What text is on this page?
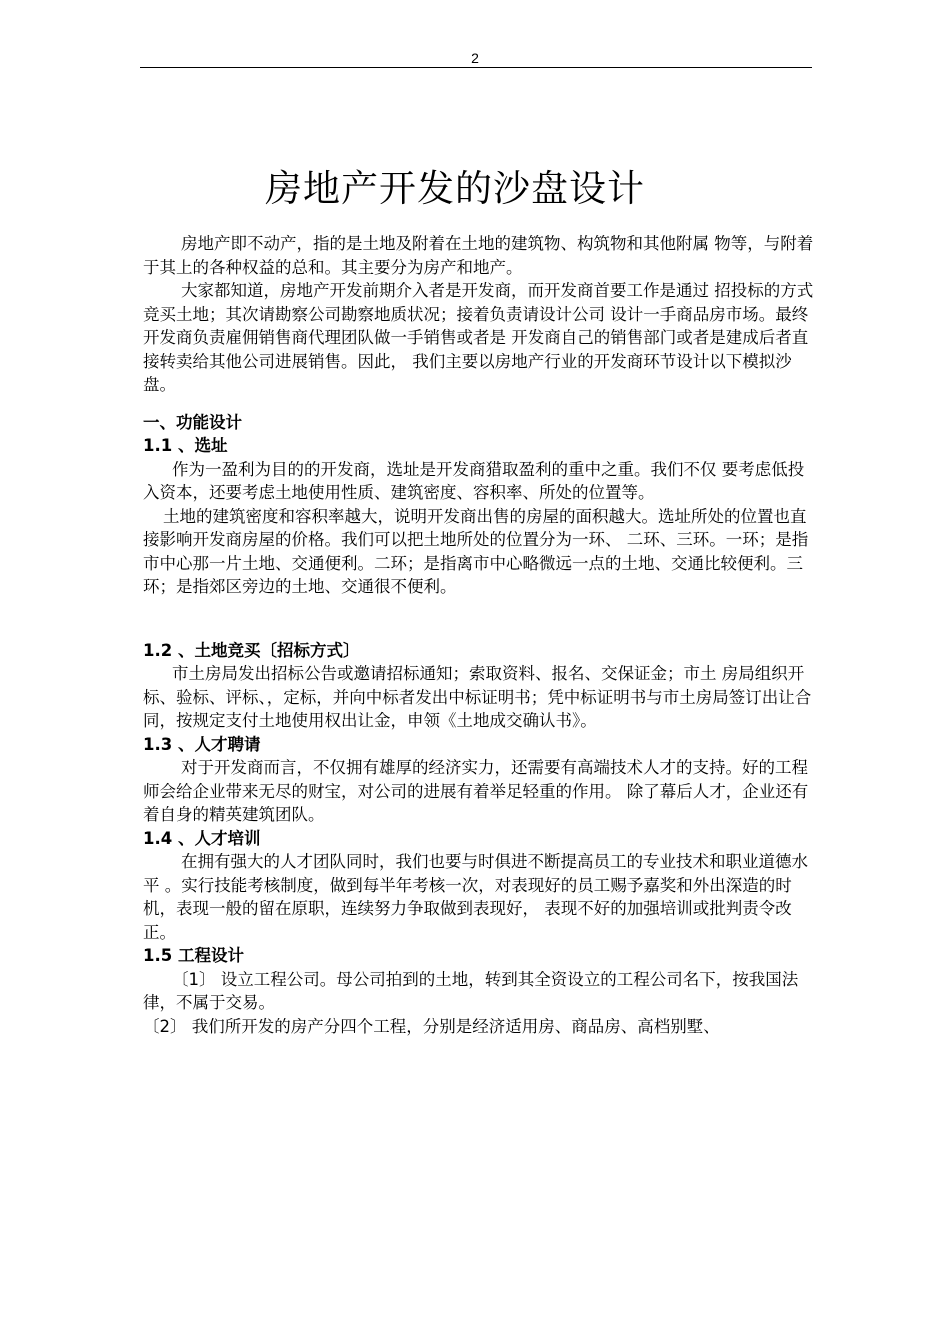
2
房地产开发的沙盘设计

房地产即不动产，指的是土地及附着在土地的建筑物、构筑物和其他附属 物等，与附着于其上的各种权益的总和。其主要分为房产和地产。

大家都知道，房地产开发前期介入者是开发商，而开发商首要工作是通过 招投标的方式竞买土地；其次请勘察公司勘察地质状况；接着负责请设计公司 设计一手商品房市场。最终开发商负责雇佣销售商代理团队做一手销售或者是 开发商自己的销售部门或者是建成后者直接转卖给其他公司进展销售。因此， 我们主要以房地产行业的开发商环节设计以下模拟沙盘。

一、功能设计

1.1 、选址

作为一盈利为目的的开发商，选址是开发商猎取盈利的重中之重。我们不仅 要考虑低投入资本，还要考虑土地使用性质、建筑密度、容积率、所处的位置等。

土地的建筑密度和容积率越大，说明开发商出售的房屋的面积越大。选址所处的位置也直接影响开发商房屋的价格。我们可以把土地所处的位置分为一环、 二环、三环。一环；是指市中心那一片土地、交通便利。二环；是指离市中心略微远一点的土地、交通比较便利。三环；是指郊区旁边的土地、交通很不便利。

1.2 、土地竞买〔招标方式〕

市土房局发出招标公告或邀请招标通知；索取资料、报名、交保证金；市土 房局组织开标、验标、评标、，定标，并向中标者发出中标证明书；凭中标证明书与市土房局签订出让合同，按规定支付土地使用权出让金，申领《土地成交确认书》。

1.3 、人才聘请

对于开发商而言，不仅拥有雄厚的经济实力，还需要有高端技术人才的支持。好的工程师会给企业带来无尽的财宝，对公司的进展有着举足轻重的作用。 除了幕后人才，企业还有着自身的精英建筑团队。

1.4 、人才培训

在拥有强大的人才团队同时，我们也要与时俱进不断提高员工的专业技术和职业道德水平 。实行技能考核制度，做到每半年考核一次，对表现好的员工赐予嘉奖和外出深造的时机，表现一般的留在原职，连续努力争取做到表现好， 表现不好的加强培训或批判责令改正。

1.5 工程设计

〔1〕 设立工程公司。母公司拍到的土地，转到其全资设立的工程公司名下，按我国法律，不属于交易。

〔2〕 我们所开发的房产分四个工程，分别是经济适用房、商品房、高档别墅、
